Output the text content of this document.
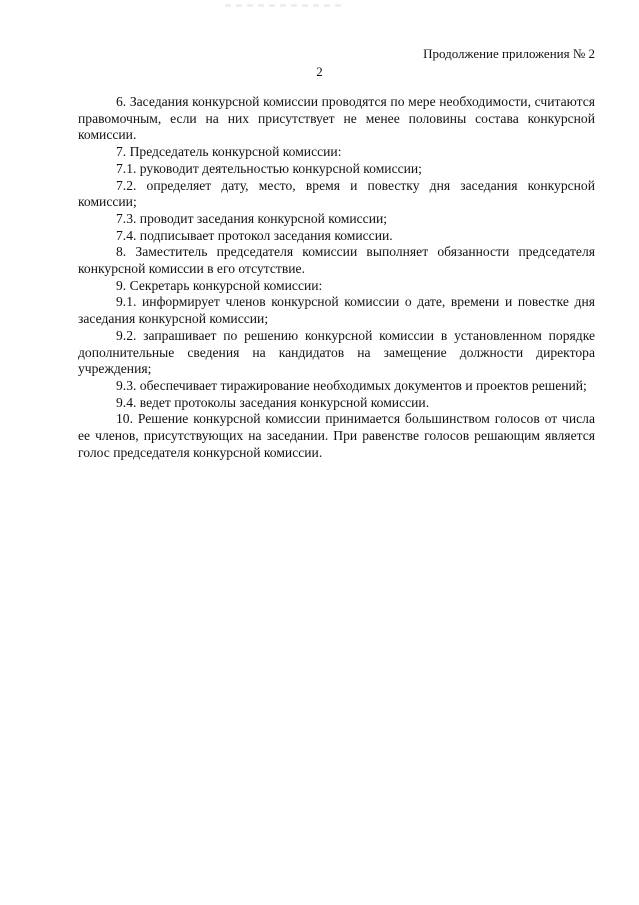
Продолжение приложения № 2
2

6. Заседания конкурсной комиссии проводятся по мере необходимости, считаются правомочным, если на них присутствует не менее половины состава конкурсной комиссии.

7. Председатель конкурсной комиссии:

7.1. руководит деятельностью конкурсной комиссии;

7.2. определяет дату, место, время и повестку дня заседания конкурсной комиссии;

7.3. проводит заседания конкурсной комиссии;

7.4. подписывает протокол заседания комиссии.

8. Заместитель председателя комиссии выполняет обязанности председателя конкурсной комиссии в его отсутствие.

9. Секретарь конкурсной комиссии:

9.1. информирует членов конкурсной комиссии о дате, времени и повестке дня заседания конкурсной комиссии;

9.2. запрашивает по решению конкурсной комиссии в установленном порядке дополнительные сведения на кандидатов на замещение должности директора учреждения;

9.3. обеспечивает тиражирование необходимых документов и проектов решений;

9.4. ведет протоколы заседания конкурсной комиссии.

10. Решение конкурсной комиссии принимается большинством голосов от числа ее членов, присутствующих на заседании. При равенстве голосов решающим является голос председателя конкурсной комиссии.
